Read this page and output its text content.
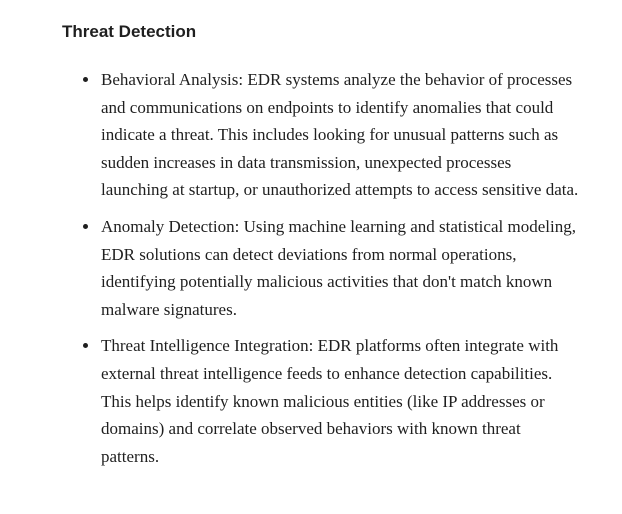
Threat Detection
Behavioral Analysis: EDR systems analyze the behavior of processes and communications on endpoints to identify anomalies that could indicate a threat. This includes looking for unusual patterns such as sudden increases in data transmission, unexpected processes launching at startup, or unauthorized attempts to access sensitive data.
Anomaly Detection: Using machine learning and statistical modeling, EDR solutions can detect deviations from normal operations, identifying potentially malicious activities that don't match known malware signatures.
Threat Intelligence Integration: EDR platforms often integrate with external threat intelligence feeds to enhance detection capabilities. This helps identify known malicious entities (like IP addresses or domains) and correlate observed behaviors with known threat patterns.
